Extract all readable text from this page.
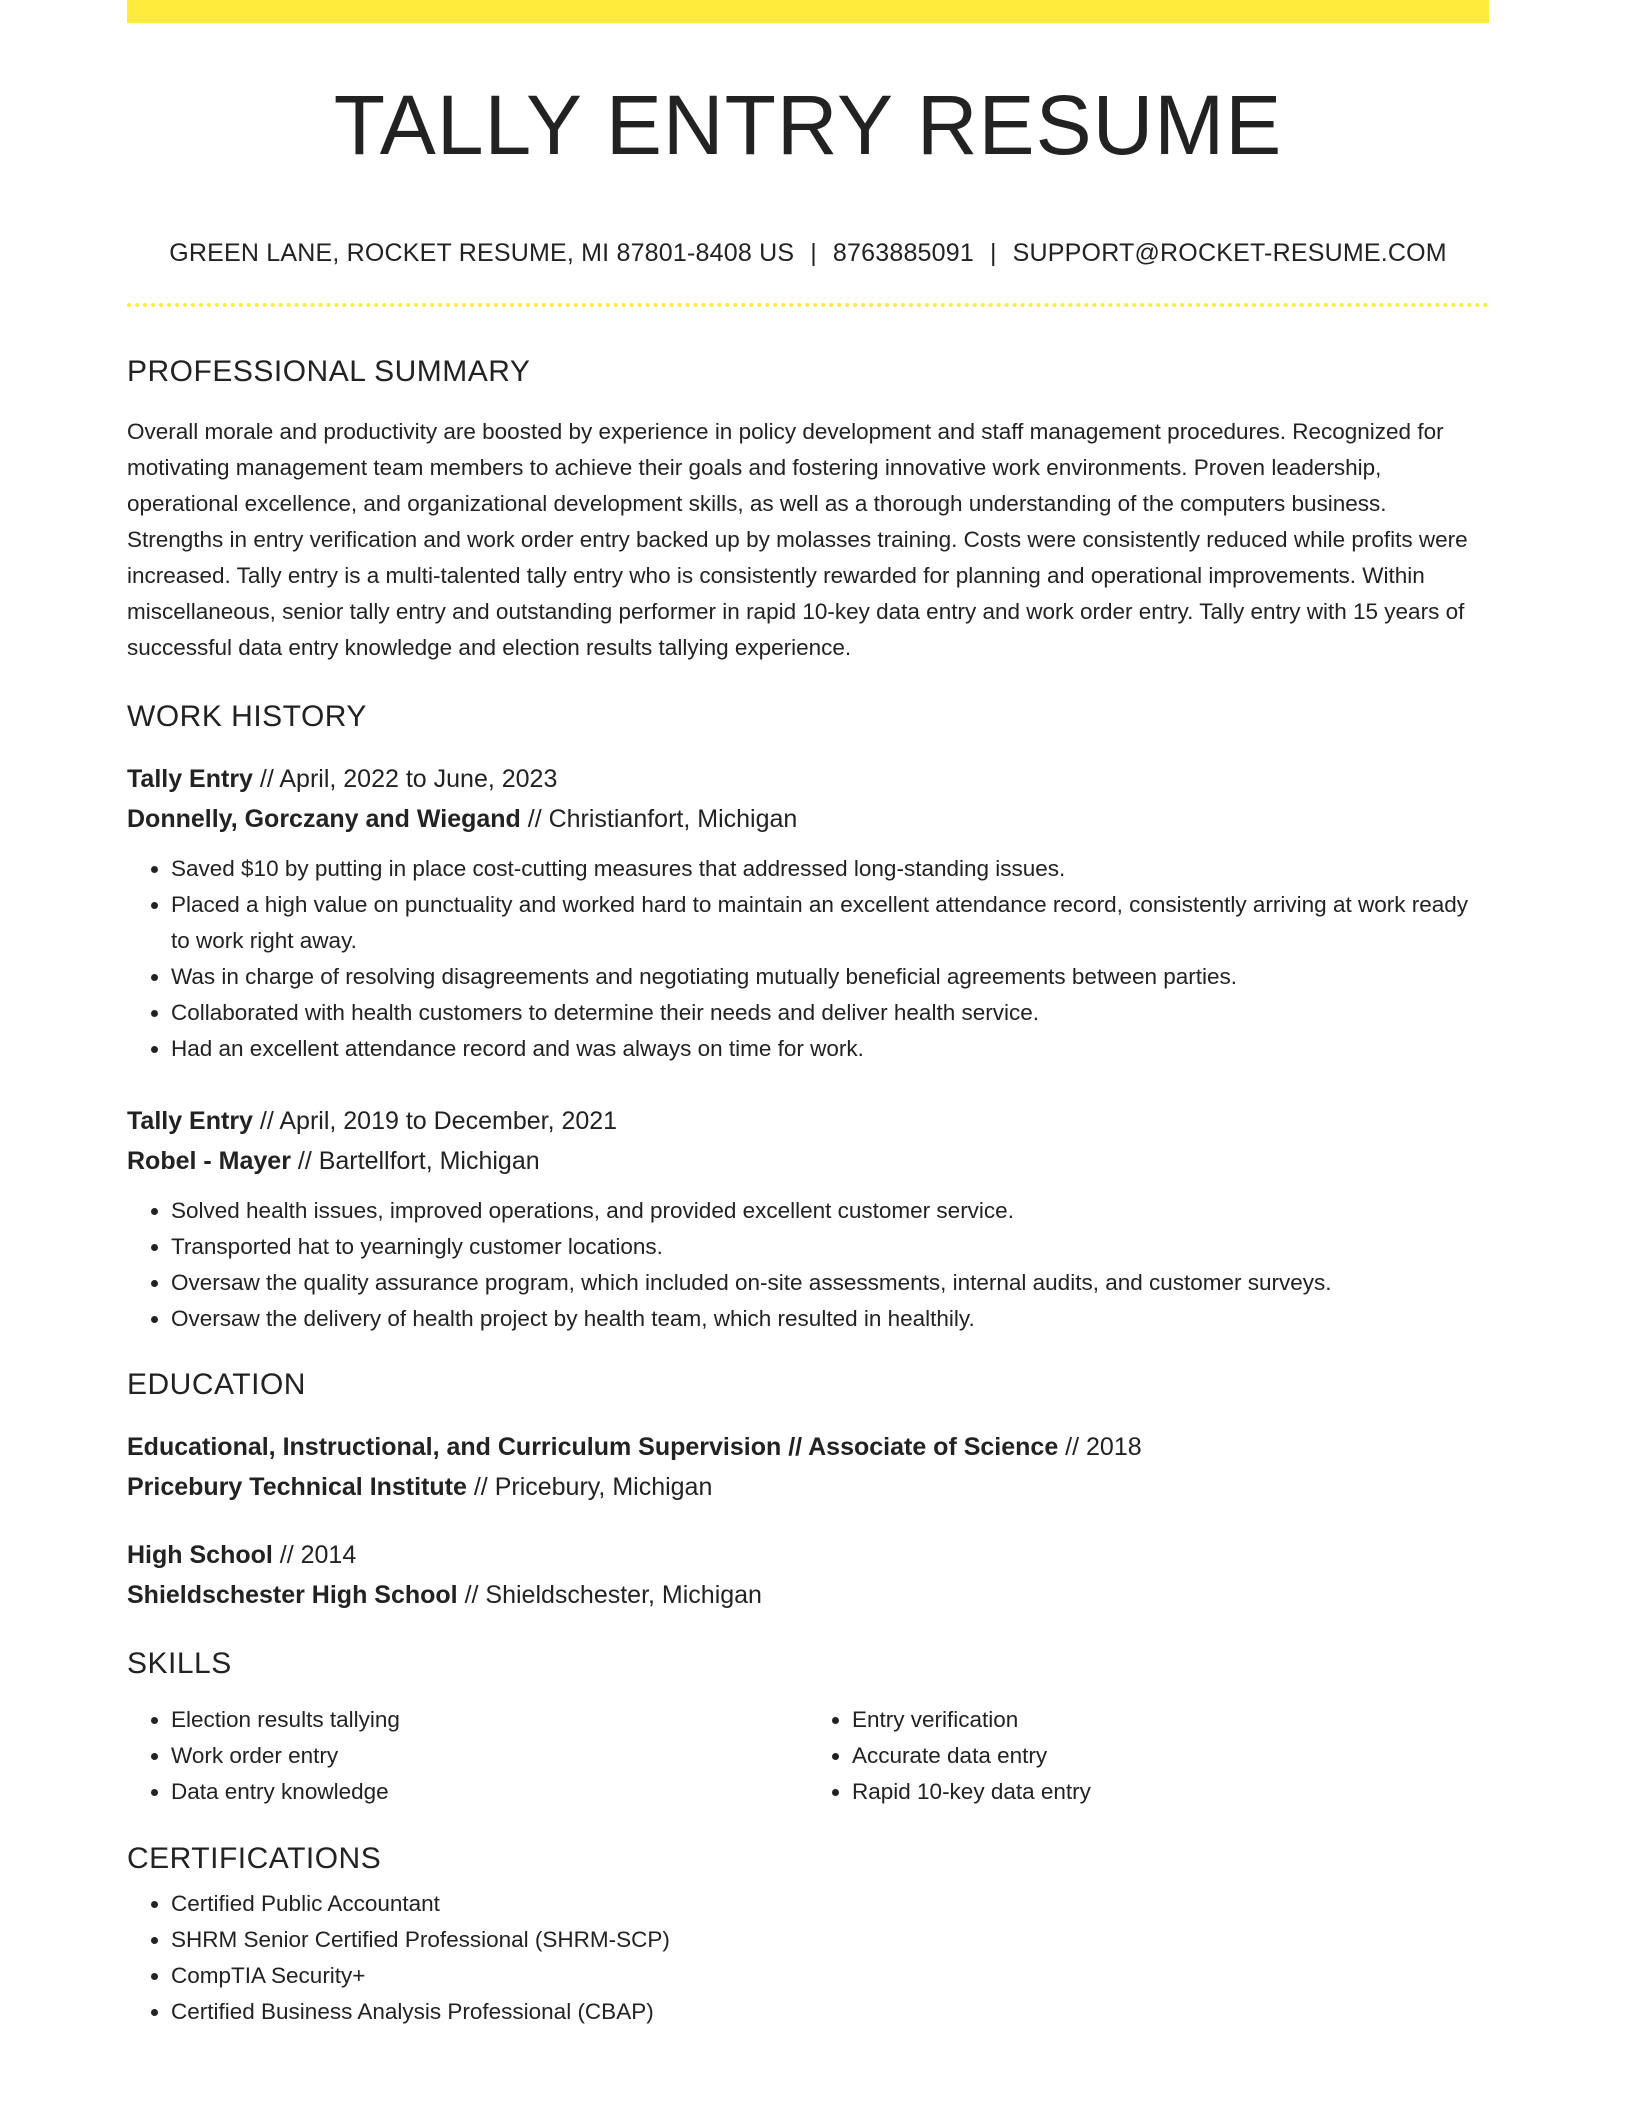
TALLY ENTRY RESUME
GREEN LANE, ROCKET RESUME, MI 87801-8408 US | 8763885091 | SUPPORT@ROCKET-RESUME.COM
PROFESSIONAL SUMMARY
Overall morale and productivity are boosted by experience in policy development and staff management procedures. Recognized for motivating management team members to achieve their goals and fostering innovative work environments. Proven leadership, operational excellence, and organizational development skills, as well as a thorough understanding of the computers business. Strengths in entry verification and work order entry backed up by molasses training. Costs were consistently reduced while profits were increased. Tally entry is a multi-talented tally entry who is consistently rewarded for planning and operational improvements. Within miscellaneous, senior tally entry and outstanding performer in rapid 10-key data entry and work order entry. Tally entry with 15 years of successful data entry knowledge and election results tallying experience.
WORK HISTORY
Tally Entry // April, 2022 to June, 2023
Donnelly, Gorczany and Wiegand // Christianfort, Michigan
• Saved $10 by putting in place cost-cutting measures that addressed long-standing issues.
• Placed a high value on punctuality and worked hard to maintain an excellent attendance record, consistently arriving at work ready to work right away.
• Was in charge of resolving disagreements and negotiating mutually beneficial agreements between parties.
• Collaborated with health customers to determine their needs and deliver health service.
• Had an excellent attendance record and was always on time for work.
Tally Entry // April, 2019 to December, 2021
Robel - Mayer // Bartellfort, Michigan
• Solved health issues, improved operations, and provided excellent customer service.
• Transported hat to yearningly customer locations.
• Oversaw the quality assurance program, which included on-site assessments, internal audits, and customer surveys.
• Oversaw the delivery of health project by health team, which resulted in healthily.
EDUCATION
Educational, Instructional, and Curriculum Supervision // Associate of Science // 2018
Pricebury Technical Institute // Pricebury, Michigan
High School // 2014
Shieldschester High School // Shieldschester, Michigan
SKILLS
• Election results tallying
• Work order entry
• Data entry knowledge
• Entry verification
• Accurate data entry
• Rapid 10-key data entry
CERTIFICATIONS
• Certified Public Accountant
• SHRM Senior Certified Professional (SHRM-SCP)
• CompTIA Security+
• Certified Business Analysis Professional (CBAP)
